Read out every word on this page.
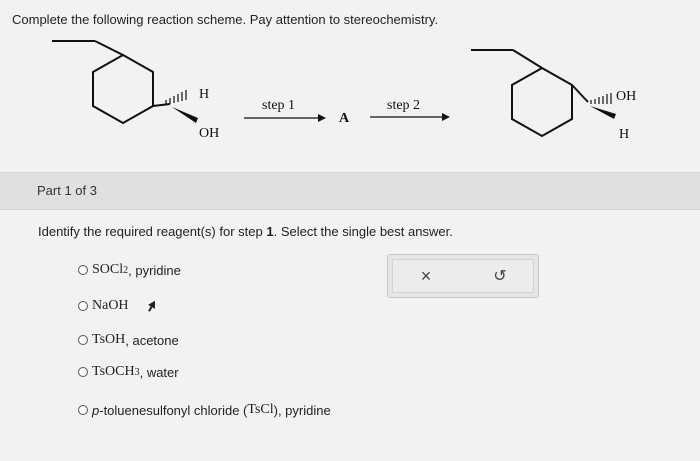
Complete the following reaction scheme. Pay attention to stereochemistry.
H
OH
step 1
A
step 2
OH
H
Part 1 of 3
Identify the required reagent(s) for step 1. Select the single best answer.
SOCl 2 , pyridine
NaOH
TsOH , acetone
TsOCH 3 , water
p -toluenesulfonyl chloride ( TsCl ), pyridine
×	↺
